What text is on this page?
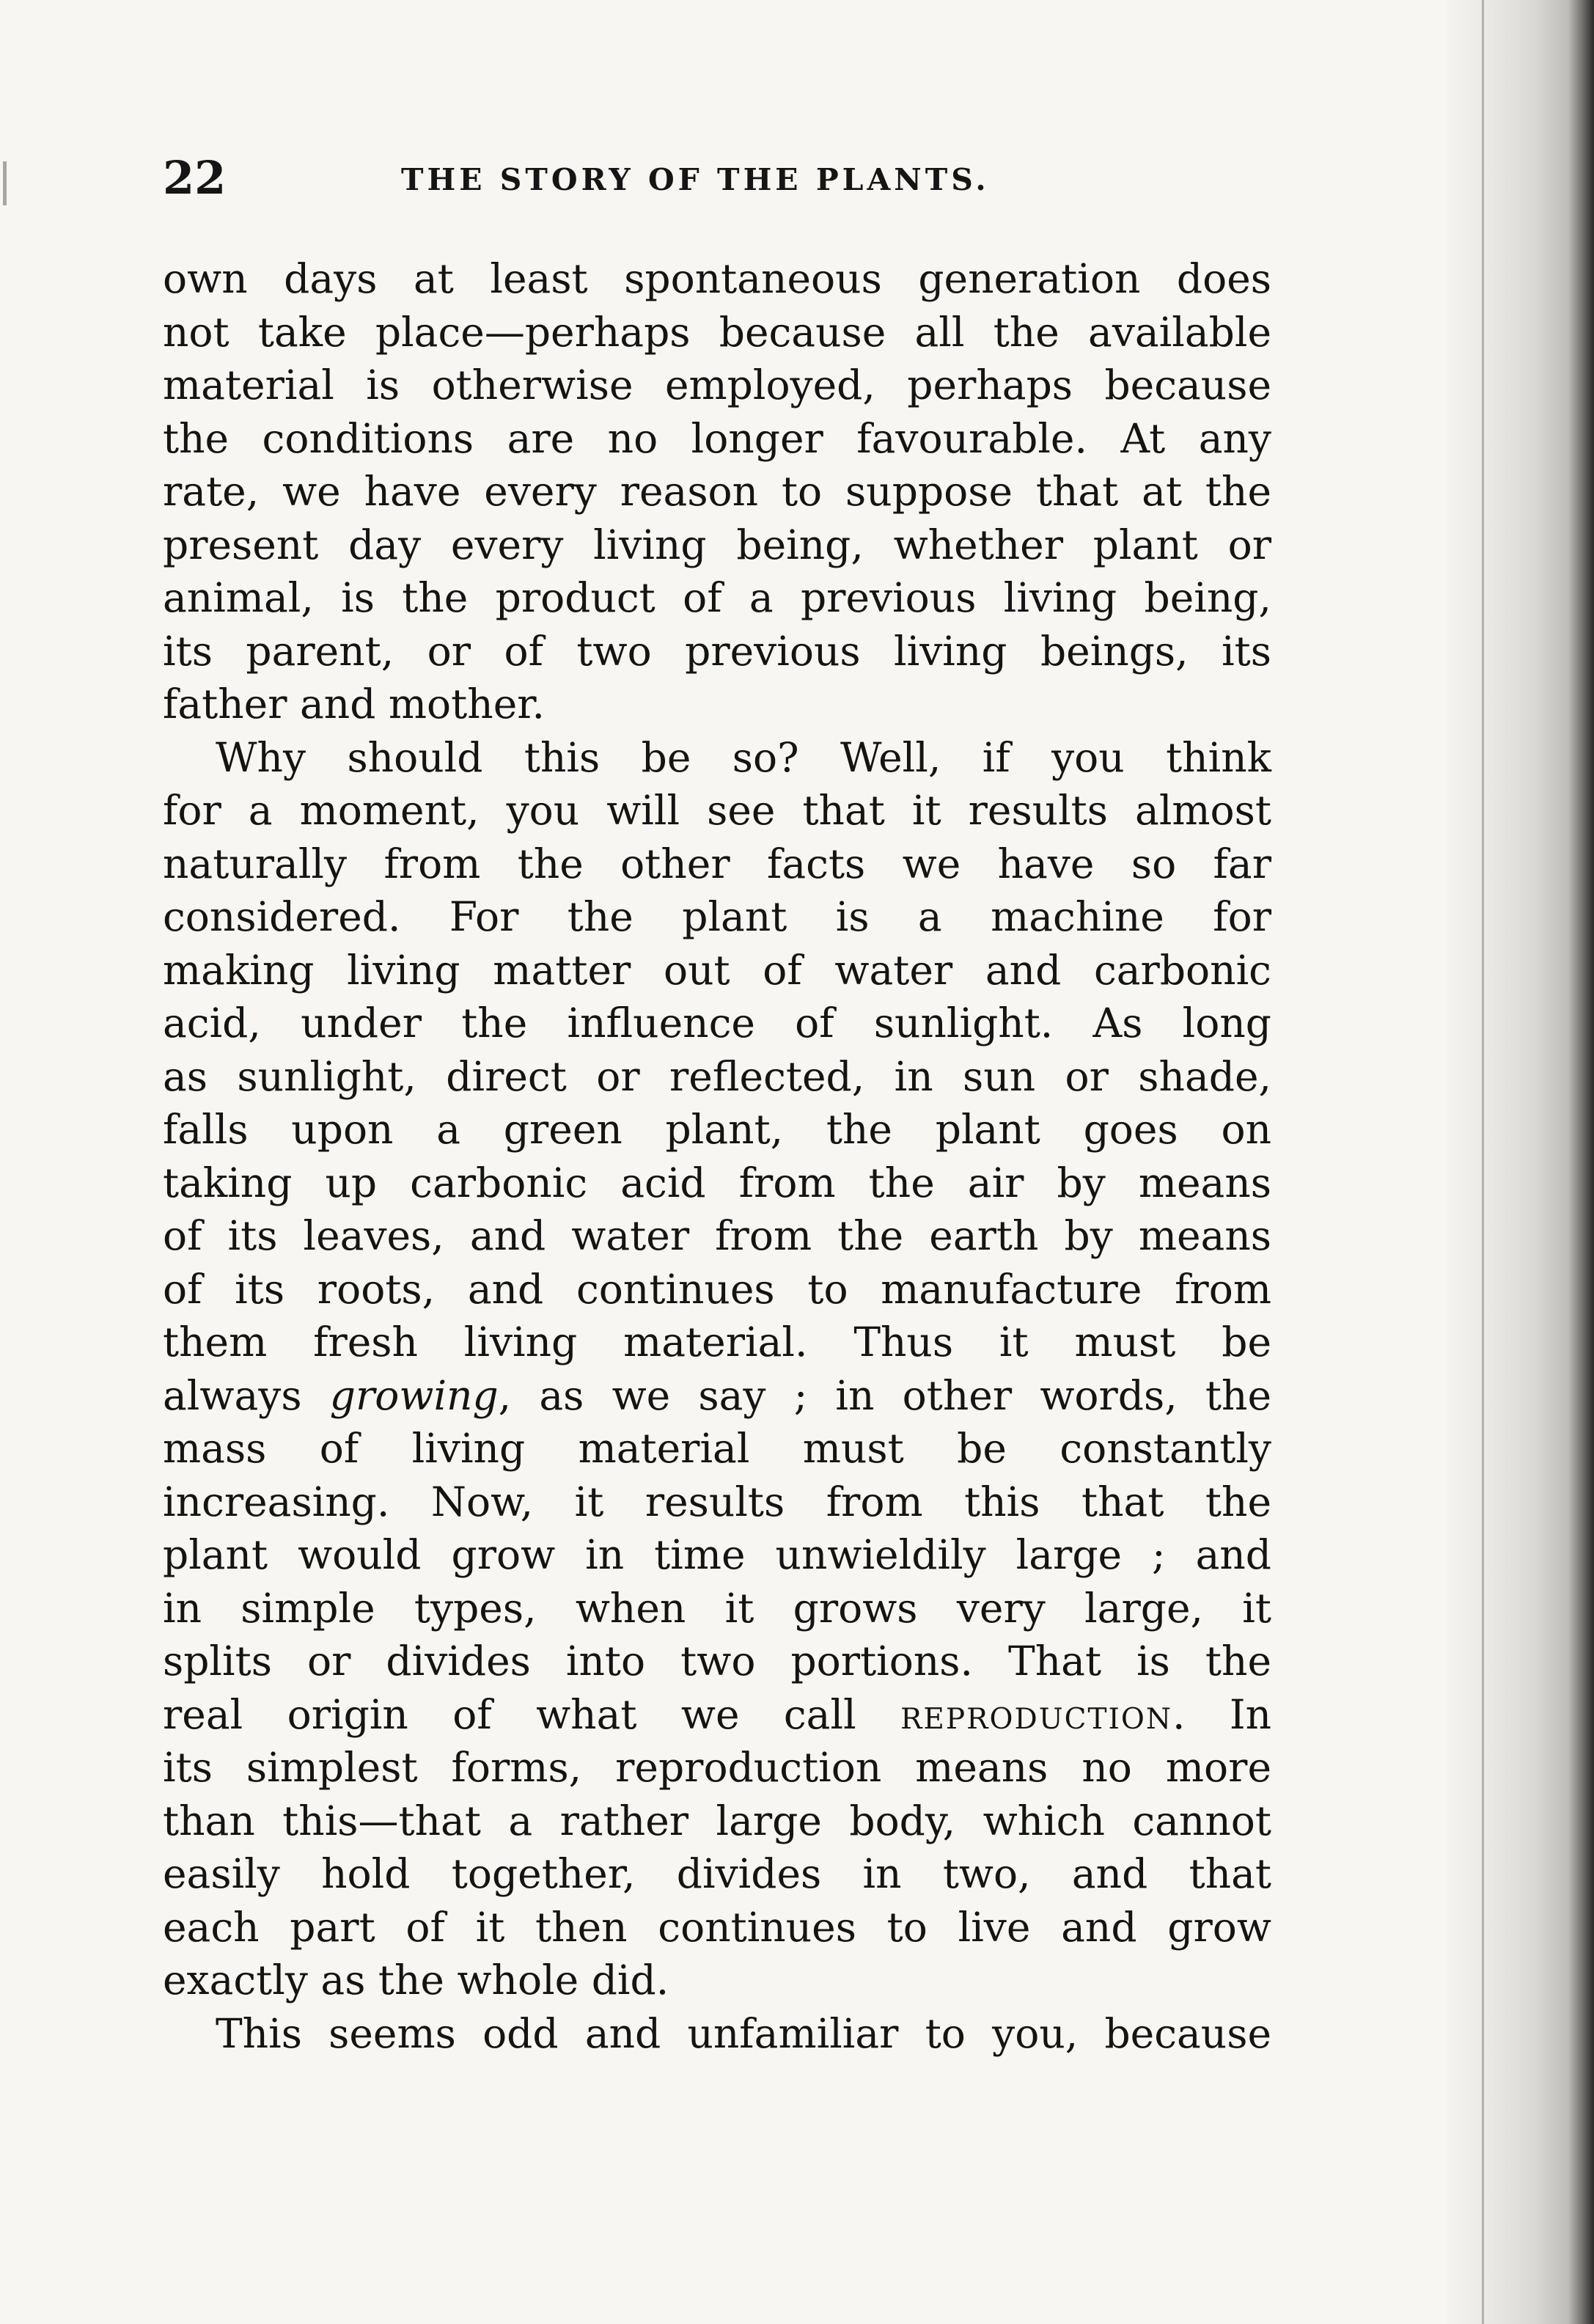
22	THE STORY OF THE PLANTS.
own days at least spontaneous generation does
not take place—perhaps because all the available
material is otherwise employed, perhaps because
the conditions are no longer favourable. At any
rate, we have every reason to suppose that at the
present day every living being, whether plant or
animal, is the product of a previous living being,
its parent, or of two previous living beings, its
father and mother.
Why should this be so? Well, if you think
for a moment, you will see that it results almost
naturally from the other facts we have so far
considered. For the plant is a machine for
making living matter out of water and carbonic
acid, under the influence of sunlight. As long
as sunlight, direct or reflected, in sun or shade,
falls upon a green plant, the plant goes on
taking up carbonic acid from the air by means
of its leaves, and water from the earth by means
of its roots, and continues to manufacture from
them fresh living material. Thus it must be
always growing, as we say ; in other words, the
mass of living material must be constantly
increasing. Now, it results from this that the
plant would grow in time unwieldily large ; and
in simple types, when it grows very large, it
splits or divides into two portions. That is the
real origin of what we call reproduction. In
its simplest forms, reproduction means no more
than this—that a rather large body, which cannot
easily hold together, divides in two, and that
each part of it then continues to live and grow
exactly as the whole did.
This seems odd and unfamiliar to you, because
